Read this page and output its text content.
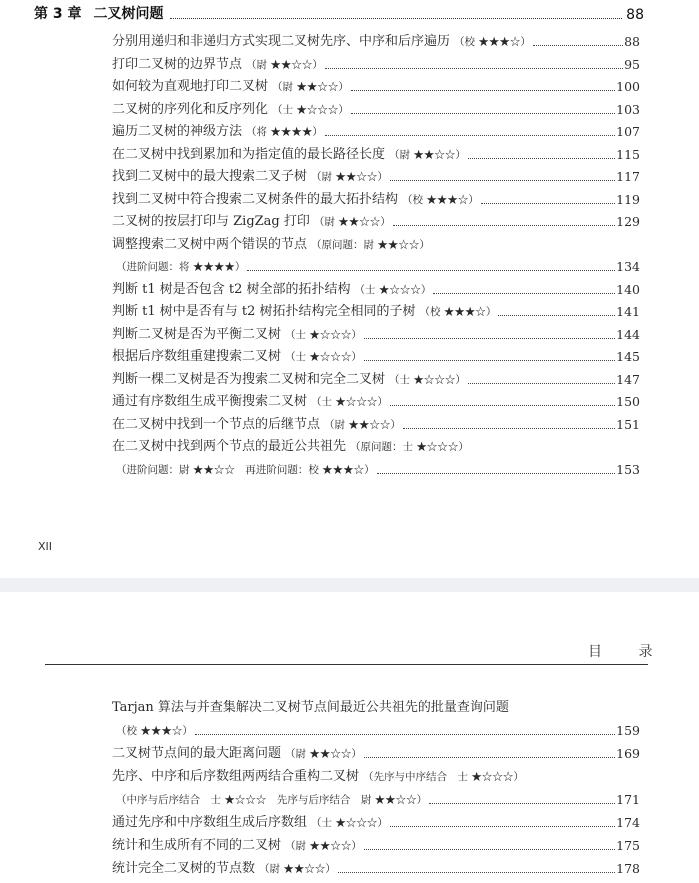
第 3 章 二叉树问题	88
分别用递归和非递归方式实现二叉树先序、中序和后序遍历 （校 ★★★☆）	88
打印二叉树的边界节点 （尉 ★★☆☆）	95
如何较为直观地打印二叉树 （尉 ★★☆☆）	100
二叉树的序列化和反序列化 （士 ★☆☆☆）	103
遍历二叉树的神级方法 （将 ★★★★）	107
在二叉树中找到累加和为指定值的最长路径长度 （尉 ★★☆☆）	115
找到二叉树中的最大搜索二叉子树 （尉 ★★☆☆）	117
找到二叉树中符合搜索二叉树条件的最大拓扑结构 （校 ★★★☆）	119
二叉树的按层打印与 ZigZag 打印 （尉 ★★☆☆）	129
调整搜索二叉树中两个错误的节点 （原问题：尉 ★★☆☆）
（进阶问题：将 ★★★★）	134
判断 t1 树是否包含 t2 树全部的拓扑结构 （士 ★☆☆☆）	140
判断 t1 树中是否有与 t2 树拓扑结构完全相同的子树 （校 ★★★☆）	141
判断二叉树是否为平衡二叉树 （士 ★☆☆☆）	144
根据后序数组重建搜索二叉树 （士 ★☆☆☆）	145
判断一棵二叉树是否为搜索二叉树和完全二叉树 （士 ★☆☆☆）	147
通过有序数组生成平衡搜索二叉树 （士 ★☆☆☆）	150
在二叉树中找到一个节点的后继节点 （尉 ★★☆☆）	151
在二叉树中找到两个节点的最近公共祖先 （原问题：士 ★☆☆☆）
（进阶问题：尉 ★★☆☆　再进阶问题：校 ★★★☆）	153
XII
目 录
Tarjan 算法与并查集解决二叉树节点间最近公共祖先的批量查询问题
（校 ★★★☆）	159
二叉树节点间的最大距离问题 （尉 ★★☆☆）	169
先序、中序和后序数组两两结合重构二叉树 （先序与中序结合　士 ★☆☆☆）
（中序与后序结合　士 ★☆☆☆　先序与后序结合　尉 ★★☆☆）	171
通过先序和中序数组生成后序数组 （士 ★☆☆☆）	174
统计和生成所有不同的二叉树 （尉 ★★☆☆）	175
统计完全二叉树的节点数 （尉 ★★☆☆）	178
